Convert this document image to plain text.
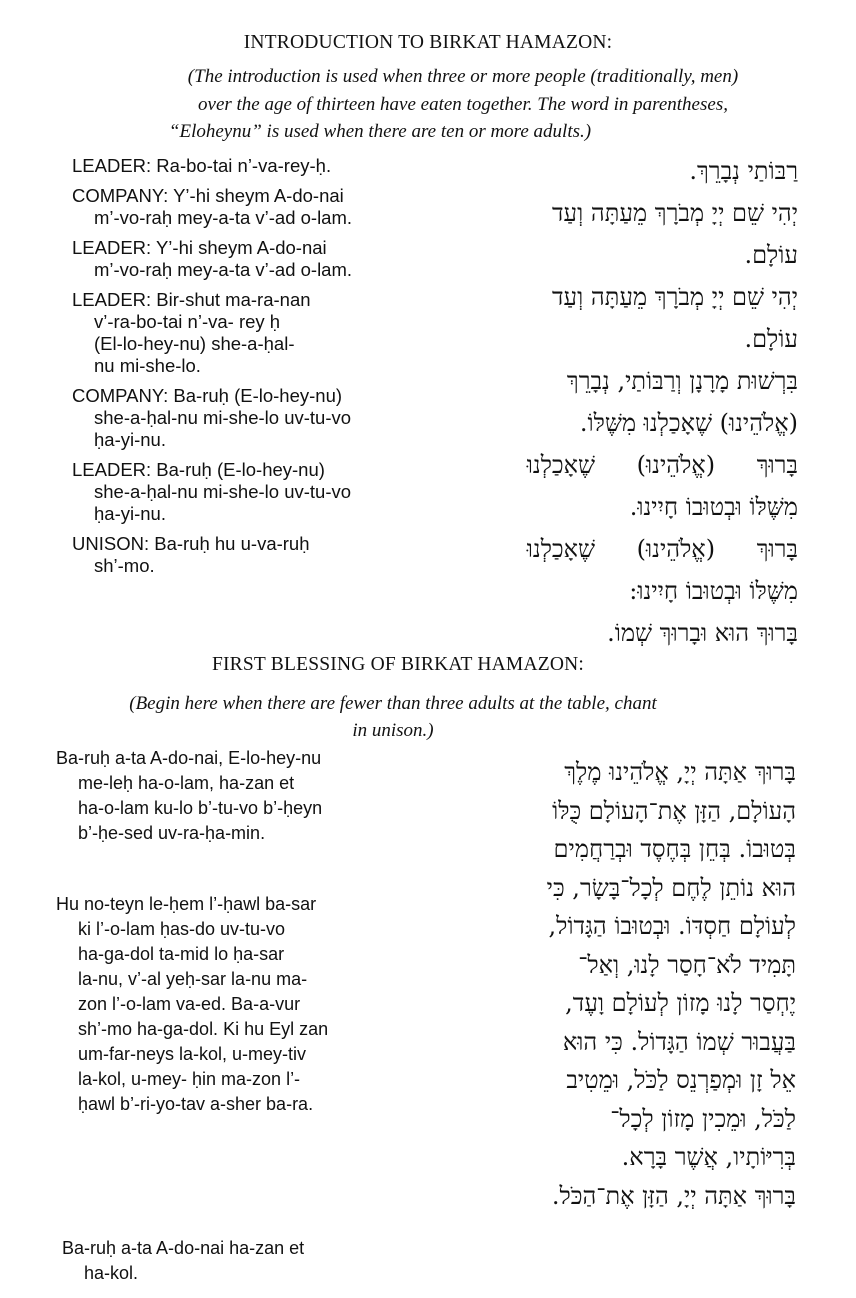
INTRODUCTION TO BIRKAT HAMAZON:
(The introduction is used when three or more people (traditionally, men)
over the age of thirteen have eaten together. The word in parentheses,
“Eloheynu” is used when there are ten or more adults.)
LEADER: Ra-bo-tai n’-va-rey-ḥ.
COMPANY: Y’-hi sheym A-do-nai
m’-vo-raḥ mey-a-ta v’-ad o-lam.
LEADER: Y’-hi sheym A-do-nai
m’-vo-raḥ mey-a-ta v’-ad o-lam.
LEADER: Bir-shut ma-ra-nan
v’-ra-bo-tai n’-va- rey ḥ
(El-lo-hey-nu) she-a-ḥal-
nu mi-she-lo.
COMPANY: Ba-ruḥ (E-lo-hey-nu)
she-a-ḥal-nu mi-she-lo uv-tu-vo
ḥa-yi-nu.
LEADER: Ba-ruḥ (E-lo-hey-nu)
she-a-ḥal-nu mi-she-lo uv-tu-vo
ḥa-yi-nu.
UNISON: Ba-ruḥ hu u-va-ruḥ
sh’-mo.
רַבּוֹתַי נְבָרֵךְ.
יְהִי שֵׁם יְיָ מְבֹרָךְ מֵעַתָּה וְעַד
עוֹלָם.
יְהִי שֵׁם יְיָ מְבֹרָךְ מֵעַתָּה וְעַד
עוֹלָם.
בִּרְשׁוּת מָרָנָן וְרַבּוֹתַי, נְבָרֵךְ
(אֱלֹהֵינוּ) שֶׁאָכַלְנוּ מִשֶּׁלּוֹ.
בָּרוּךְ (אֱלֹהֵינוּ) שֶׁאָכַלְנוּ
מִשֶּׁלּוֹ וּבְטוּבוֹ חָיִינוּ.
בָּרוּךְ (אֱלֹהֵינוּ) שֶׁאָכַלְנוּ
מִשֶּׁלּוֹ וּבְטוּבוֹ חָיִינוּ:
בָּרוּךְ הוּא וּבָרוּךְ שְׁמוֹ.
FIRST BLESSING OF BIRKAT HAMAZON:
(Begin here when there are fewer than three adults at the table, chant
in unison.)
Ba-ruḥ a-ta A-do-nai, E-lo-hey-nu
me-leḥ ha-o-lam, ha-zan et
ha-o-lam ku-lo b’-tu-vo b’-ḥeyn
b’-ḥe-sed uv-ra-ḥa-min.
Hu no-teyn le-ḥem l’-ḥawl ba-sar
ki l’-o-lam ḥas-do uv-tu-vo
ha-ga-dol ta-mid lo ḥa-sar
la-nu, v’-al yeḥ-sar la-nu ma-
zon l’-o-lam va-ed. Ba-a-vur
sh’-mo ha-ga-dol. Ki hu Eyl zan
um-far-neys la-kol, u-mey-tiv
la-kol, u-mey- ḥin ma-zon l’-
ḥawl b’-ri-yo-tav a-sher ba-ra.
Ba-ruḥ a-ta A-do-nai ha-zan et
ha-kol.
בָּרוּךְ אַתָּה יְיָ, אֱלֹהֵינוּ מֶלֶךְ
הָעוֹלָם, הַזָּן אֶת־הָעוֹלָם כֻּלּוֹ
בְּטוּבוֹ. בְּחֵן בְּחֶסֶד וּבְרַחֲמִים
הוּא נוֹתֵן לֶחֶם לְכָל־בָּשָׂר, כִּי
לְעוֹלָם חַסְדּוֹ. וּבְטוּבוֹ הַגָּדוֹל,
תָּמִיד לֹא־חָסַר לָנוּ, וְאַל־
יֶחְסַר לָנוּ מָזוֹן לְעוֹלָם וָעֶד,
בַּעֲבוּר שְׁמוֹ הַגָּדוֹל. כִּי הוּא
אֵל זָן וּמְפַרְנֵס לַכֹּל, וּמֵטִיב
לַכֹּל, וּמֵכִין מָזוֹן לְכָל־
בְּרִיּוֹתָיו, אֲשֶׁר בָּרָא.
בָּרוּךְ אַתָּה יְיָ, הַזָּן אֶת־הַכֹּל.
